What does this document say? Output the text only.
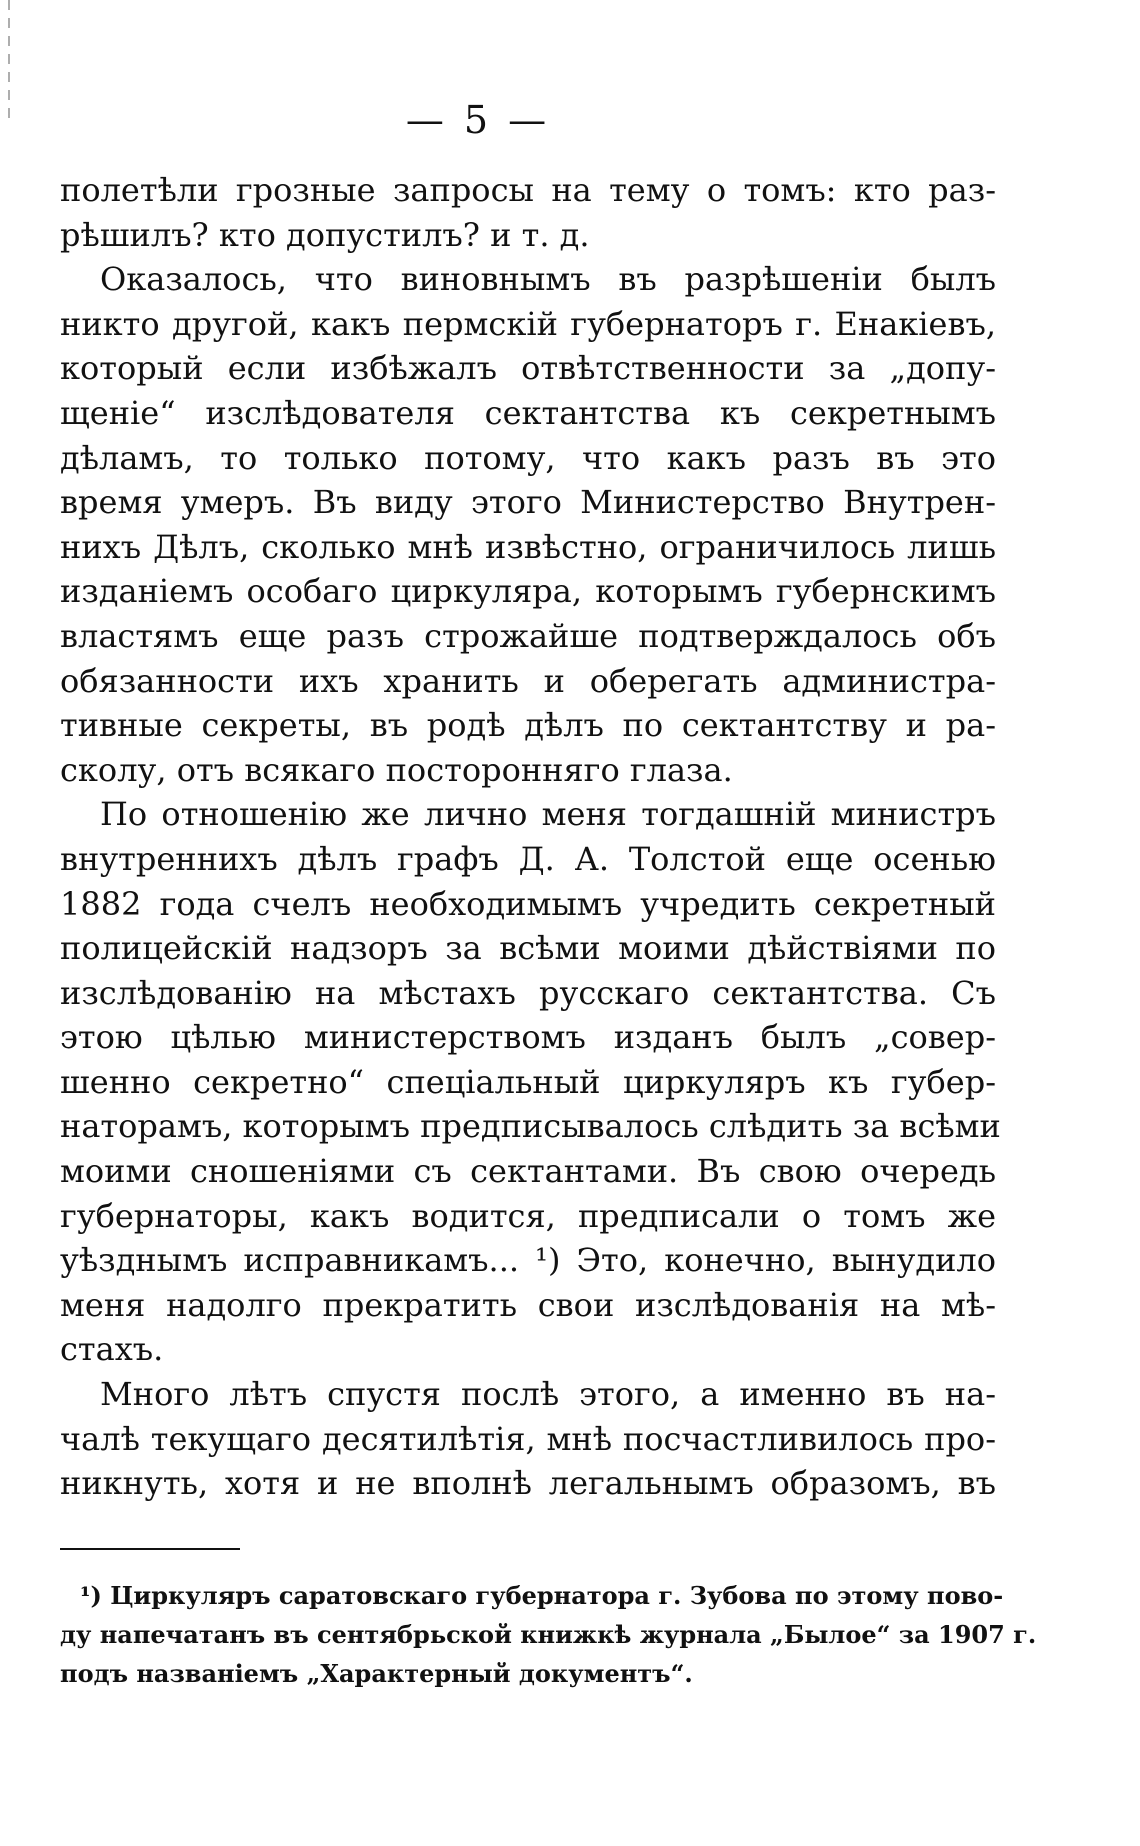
— 5 —

полетѣли грозные запросы на тему о томъ: кто раз-
рѣшилъ? кто допустилъ? и т. д.

Оказалось, что виновнымъ въ разрѣшеніи былъ
никто другой, какъ пермскій губернаторъ г. Енакіевъ,
который если избѣжалъ отвѣтственности за „допу-
щеніе“ изслѣдователя сектантства къ секретнымъ
дѣламъ, то только потому, что какъ разъ въ это
время умеръ. Въ виду этого Министерство Внутрен-
нихъ Дѣлъ, сколько мнѣ извѣстно, ограничилось лишь
изданіемъ особаго циркуляра, которымъ губернскимъ
властямъ еще разъ строжайше подтверждалось объ
обязанности ихъ хранить и оберегать администра-
тивные секреты, въ родѣ дѣлъ по сектантству и ра-
сколу, отъ всякаго посторонняго глаза.

По отношенію же лично меня тогдашній министръ
внутреннихъ дѣлъ графъ Д. А. Толстой еще осенью
1882 года счелъ необходимымъ учредить секретный
полицейскій надзоръ за всѣми моими дѣйствіями по
изслѣдованію на мѣстахъ русскаго сектантства. Съ
этою цѣлью министерствомъ изданъ былъ „совер-
шенно секретно“ спеціальный циркуляръ къ губер-
наторамъ, которымъ предписывалось слѣдить за всѣми
моими сношеніями съ сектантами. Въ свою очередь
губернаторы, какъ водится, предписали о томъ же
уѣзднымъ исправникамъ... ¹) Это, конечно, вынудило
меня надолго прекратить свои изслѣдованія на мѣ-
стахъ.

Много лѣтъ спустя послѣ этого, а именно въ на-
чалѣ текущаго десятилѣтія, мнѣ посчастливилось про-
никнуть, хотя и не вполнѣ легальнымъ образомъ, въ

¹) Циркуляръ саратовскаго губернатора г. Зубова по этому пово-
ду напечатанъ въ сентябрьской книжкѣ журнала „Былое“ за 1907 г.
подъ названіемъ „Характерный документъ“.
